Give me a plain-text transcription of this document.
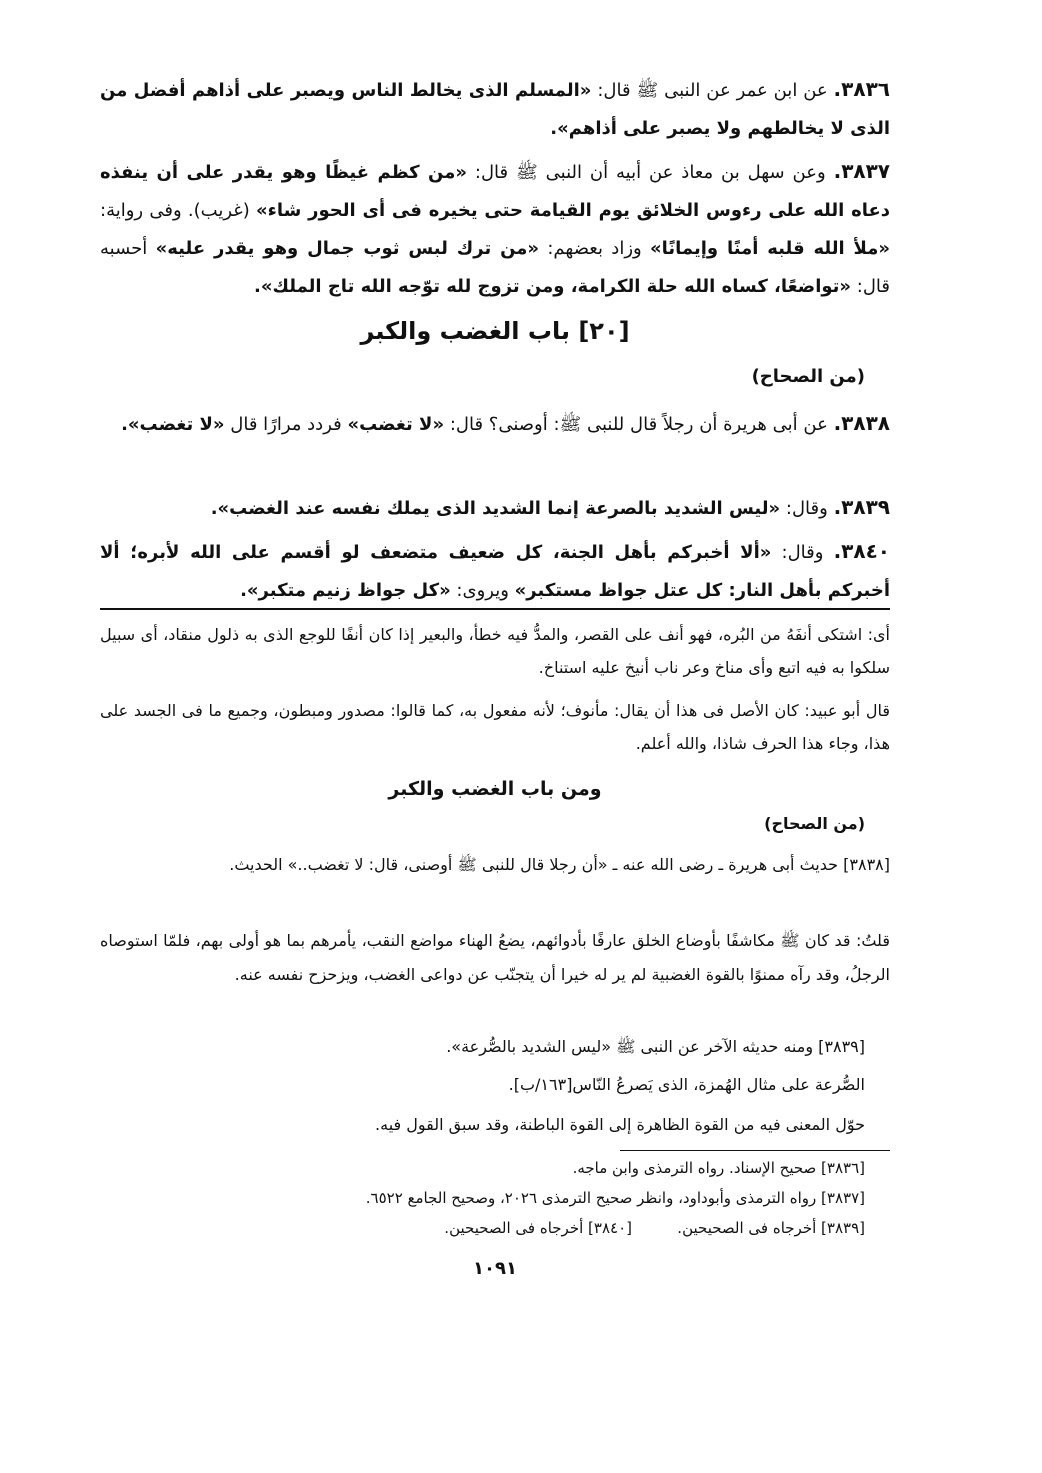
٣٨٣٦. عن ابن عمر عن النبى ﷺ قال: «المسلم الذى يخالط الناس ويصبر على أذاهم أفضل من الذى لا يخالطهم ولا يصبر على أذاهم».

٣٨٣٧. وعن سهل بن معاذ عن أبيه أن النبى ﷺ قال: «من كظم غيظًا وهو يقدر على أن ينفذه دعاه الله على رءوس الخلائق يوم القيامة حتى يخيره فى أى الحور شاء» (غريب). وفى رواية: «ملأ الله قلبه أمنًا وإيمانًا» وزاد بعضهم: «من ترك لبس ثوب جمال وهو يقدر عليه» أحسبه قال: «تواضعًا، كساه الله حلة الكرامة، ومن تزوج لله توّجه الله تاج الملك».

[٢٠] باب الغضب والكبر

(من الصحاح)

٣٨٣٨. عن أبى هريرة أن رجلاً قال للنبى ﷺ: أوصنى؟ قال: «لا تغضب» فردد مرارًا قال «لا تغضب».

٣٨٣٩. وقال: «ليس الشديد بالصرعة إنما الشديد الذى يملك نفسه عند الغضب».

٣٨٤٠. وقال: «ألا أخبركم بأهل الجنة، كل ضعيف متضعف لو أقسم على الله لأبره؛ ألا أخبركم بأهل النار: كل عتل جواظ مستكبر» ويروى: «كل جواظ زنيم متكبر».

أى: اشتكى أنفَهُ من البُره، فهو أنف على القصر، والمدُّ فيه خطأ، والبعير إذا كان أنفًا للوجع الذى به ذلول منقاد، أى سبيل سلكوا به فيه اتبع وأى مناخ وعر ناب أنيخ عليه استناخ.

قال أبو عبيد: كان الأصل فى هذا أن يقال: مأنوف؛ لأنه مفعول به، كما قالوا: مصدور ومبطون، وجميع ما فى الجسد على هذا، وجاء هذا الحرف شاذا، والله أعلم.

ومن باب الغضب والكبر

(من الصحاح)

[٣٨٣٨] حديث أبى هريرة ـ رضى الله عنه ـ «أن رجلا قال للنبى ﷺ أوصنى، قال: لا تغضب..» الحديث.

قلتُ: قد كان ﷺ مكاشفًا بأوضاع الخلق عارفًا بأدوائهم، يضعُ الهناء مواضع النقب، يأمرهم بما هو أولى بهم، فلمّا استوصاه الرجلُ، وقد رآه ممنوًا بالقوة الغضبية لم ير له خيرا أن يتجنّب عن دواعى الغضب، ويزحزح نفسه عنه.

[٣٨٣٩] ومنه حديثه الآخر عن النبى ﷺ «ليس الشديد بالصُّرعة».

الصُّرعة على مثال الهُمزة، الذى يَصرعُ النّاس[١٦٣/ب].

حوّل المعنى فيه من القوة الظاهرة إلى القوة الباطنة، وقد سبق القول فيه.

[٣٨٣٦] صحيح الإسناد. رواه الترمذى وابن ماجه.

[٣٨٣٧] رواه الترمذى وأبوداود، وانظر صحيح الترمذى ٢٠٢٦، وصحيح الجامع ٦٥٢٢.

[٣٨٣٩] أخرجاه فى الصحيحين.

[٣٨٤٠] أخرجاه فى الصحيحين.

١٠٩١
